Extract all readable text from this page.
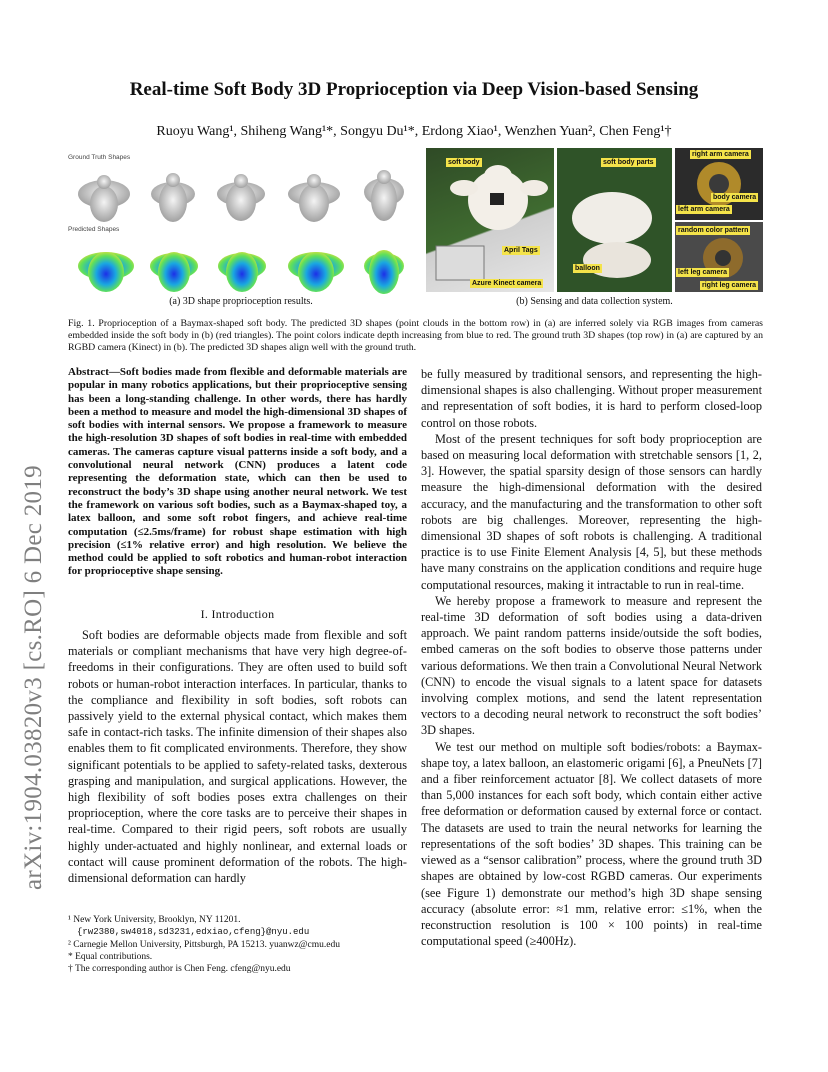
Real-time Soft Body 3D Proprioception via Deep Vision-based Sensing
Ruoyu Wang¹, Shiheng Wang¹*, Songyu Du¹*, Erdong Xiao¹, Wenzhen Yuan², Chen Feng¹†
arXiv:1904.03820v3 [cs.RO] 6 Dec 2019
Ground Truth Shapes
Predicted Shapes
(a) 3D shape proprioception results.
soft body
April Tags
Azure Kinect camera
soft body parts
balloon
right arm camera
body camera
left arm camera
random color pattern
left leg camera
right leg camera
(b) Sensing and data collection system.
Fig. 1. Proprioception of a Baymax-shaped soft body. The predicted 3D shapes (point clouds in the bottom row) in (a) are inferred solely via RGB images from cameras embedded inside the soft body in (b) (red triangles). The point colors indicate depth increasing from blue to red. The ground truth 3D shapes (top row) in (a) are captured by an RGBD camera (Kinect) in (b). The predicted 3D shapes align well with the ground truth.
Abstract—Soft bodies made from flexible and deformable materials are popular in many robotics applications, but their proprioceptive sensing has been a long-standing challenge. In other words, there has hardly been a method to measure and model the high-dimensional 3D shapes of soft bodies with internal sensors. We propose a framework to measure the high-resolution 3D shapes of soft bodies in real-time with embedded cameras. The cameras capture visual patterns inside a soft body, and a convolutional neural network (CNN) produces a latent code representing the deformation state, which can then be used to reconstruct the body’s 3D shape using another neural network. We test the framework on various soft bodies, such as a Baymax-shaped toy, a latex balloon, and some soft robot fingers, and achieve real-time computation (≤2.5ms/frame) for robust shape estimation with high precision (≤1% relative error) and high resolution. We believe the method could be applied to soft robotics and human-robot interaction for proprioceptive shape sensing.
I. Introduction
Soft bodies are deformable objects made from flexible and soft materials or compliant mechanisms that have very high degree-of-freedoms in their configurations. They are often used to build soft robots or human-robot interaction interfaces. In particular, thanks to the compliance and flexibility in soft bodies, soft robots can passively yield to the external physical contact, which makes them safe in contact-rich tasks. The infinite dimension of their shapes also enables them to fit complicated environments. Therefore, they show significant potentials to be applied to safety-related tasks, dexterous grasping and manipulation, and surgical applications. However, the high flexibility of soft bodies poses extra challenges on their proprioception, where the core tasks are to perceive their shapes in real-time. Compared to their rigid peers, soft robots are usually highly under-actuated and highly nonlinear, and external loads or contact will cause prominent deformation of the robots. The high-dimensional deformation can hardly

be fully measured by traditional sensors, and representing the high-dimensional shapes is also challenging. Without proper measurement and representation of soft bodies, it is hard to perform closed-loop control on those robots.

Most of the present techniques for soft body proprioception are based on measuring local deformation with stretchable sensors [1, 2, 3]. However, the spatial sparsity design of those sensors can hardly measure the high-dimensional deformation with the desired accuracy, and the manufacturing and the transformation to other soft robots are big challenges. Moreover, representing the high-dimensional 3D shapes of soft robots is challenging. A traditional practice is to use Finite Element Analysis [4, 5], but these methods have many constrains on the application conditions and require huge computational resources, making it intractable to run in real-time.

We hereby propose a framework to measure and represent the real-time 3D deformation of soft bodies using a data-driven approach. We paint random patterns inside/outside the soft bodies, embed cameras on the soft bodies to observe those patterns under various deformations. We then train a Convolutional Neural Network (CNN) to encode the visual signals to a latent space for datasets involving complex motions, and send the latent representation vectors to a decoding neural network to reconstruct the soft bodies’ 3D shapes.

We test our method on multiple soft bodies/robots: a Baymax-shape toy, a latex balloon, an elastomeric origami [6], a PneuNets [7] and a fiber reinforcement actuator [8]. We collect datasets of more than 5,000 instances for each soft body, which contain either active free deformation or deformation caused by external force or contact. The datasets are used to train the neural networks for learning the representations of the soft bodies’ 3D shapes. This training can be viewed as a “sensor calibration” process, where the ground truth 3D shapes are obtained by low-cost RGBD cameras. Our experiments (see Figure 1) demonstrate our method’s high 3D shape sensing accuracy (absolute error: ≈1 mm, relative error: ≤1%, when the reconstruction resolution is 100 × 100 points) in real-time computational speed (≥400Hz).

¹ New York University, Brooklyn, NY 11201.
{rw2380,sw4018,sd3231,edxiao,cfeng}@nyu.edu
² Carnegie Mellon University, Pittsburgh, PA 15213. yuanwz@cmu.edu
* Equal contributions.
† The corresponding author is Chen Feng. cfeng@nyu.edu
